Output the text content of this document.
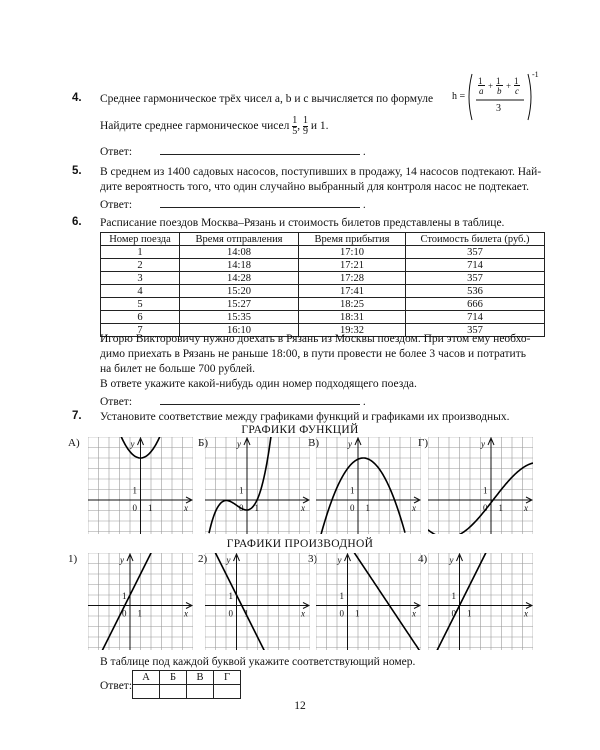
4. Среднее гармоническое трёх чисел a, b и c вычисляется по формуле	h =
1
a + 1
b + 1
c
3
-1
Найдите среднее гармоническое чисел $\frac{1}{5}$ , $\frac{1}{9}$ и 1.
Ответ:	.
5. В среднем из 1400 садовых насосов, поступивших в продажу, 14 насосов подтекают. Най-
дите вероятность того, что один случайно выбранный для контроля насос не подтекает.
Ответ:	.
6. Расписание поездов Москва–Рязань и стоимость билетов представлены в таблице.
Номер поезда	Время отправления	Время прибытия	Стоимость билета (руб.)
1	14:08	17:10	357
2	14:18	17:21	714
3	14:28	17:28	357
4	15:20	17:41	536
5	15:27	18:25	666
6	15:35	18:31	714
7	16:10	19:32	357
Игорю Викторовичу нужно доехать в Рязань из Москвы поездом. При этом ему необхо-
димо приехать в Рязань не раньше 18:00, в пути провести не более 3 часов и потратить
на билет не больше 700 рублей.
В ответе укажите какой-нибудь один номер подходящего поезда.
Ответ:	.
7. Установите соответствие между графиками функций и графиками их производных.
ГРАФИКИ ФУНКЦИЙ
А)	Б)	В)	Г)
y
x
0 1
1
y
x
0 1
1
y
x
0 1
1
y
x
0 1
1
ГРАФИКИ ПРОИЗВОДНОЙ
1)	2)	3)	4)
y
x
0 1
1
y
x
0 1
1
y
x
0 1
1
y
x
0 1
1
В таблице под каждой буквой укажите соответствующий номер.
Ответ:
А	Б	В	Г

12
